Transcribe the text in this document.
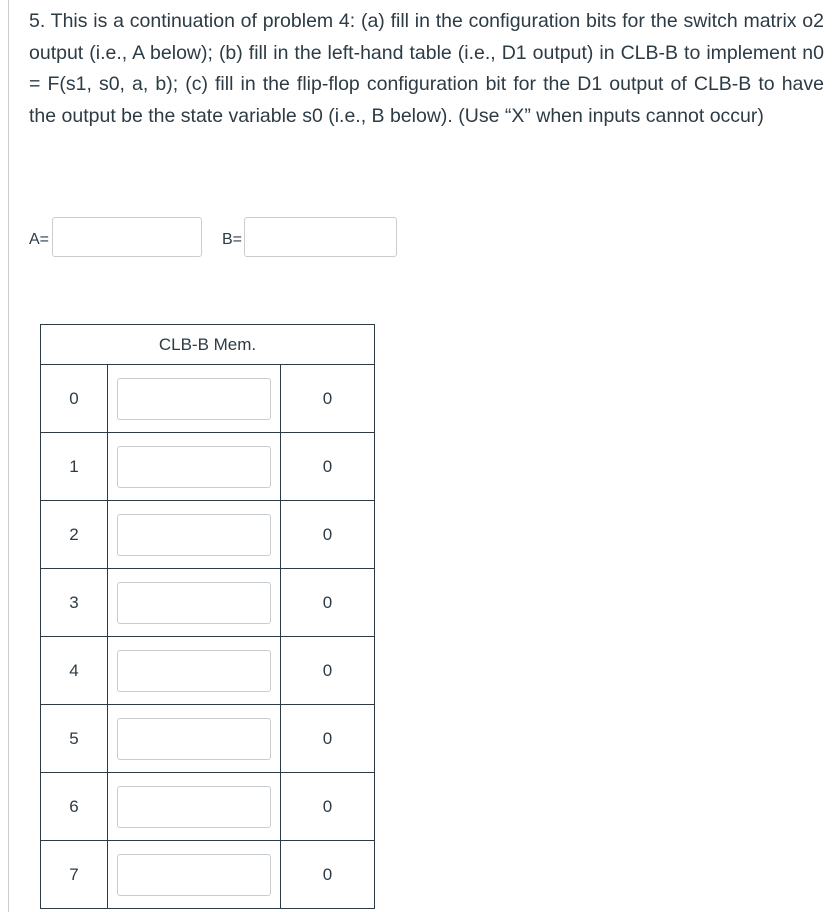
5. This is a continuation of problem 4: (a) fill in the configuration bits for the switch matrix o2 output (i.e., A below); (b) fill in the left-hand table (i.e., D1 output) in CLB-B to implement n0 = F(s1, s0, a, b); (c) fill in the flip-flop configuration bit for the D1 output of CLB-B to have the output be the state variable s0 (i.e., B below). (Use “X” when inputs cannot occur)
A=	B=
CLB-B Mem.		
0		0
1		0
2		0
3		0
4		0
5		0
6		0
7		0
